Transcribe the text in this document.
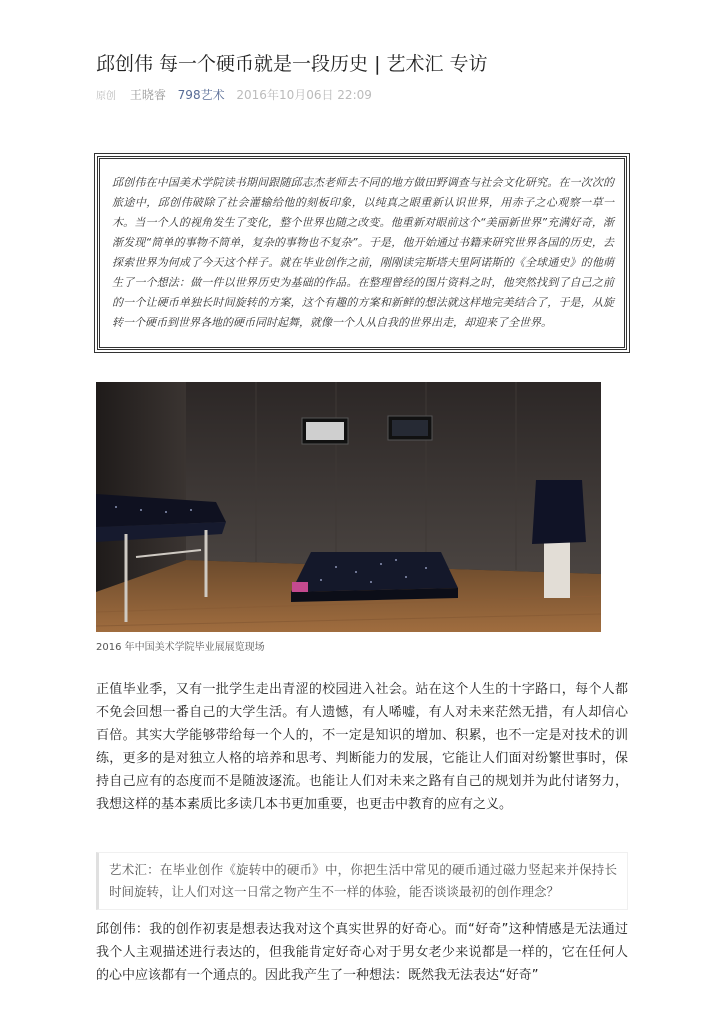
邱创伟 每一个硬币就是一段历史 | 艺术汇 专访
原创 王晓睿 798艺术 2016年10月06日 22:09

邱创伟在中国美术学院读书期间跟随邱志杰老师去不同的地方做田野调查与社会文化研究。在一次次的旅途中，邱创伟破除了社会灌输给他的刻板印象，以纯真之眼重新认识世界，用赤子之心观察一草一木。当一个人的视角发生了变化，整个世界也随之改变。他重新对眼前这个“美丽新世界”充满好奇，渐渐发现“简单的事物不简单，复杂的事物也不复杂”。于是，他开始通过书籍来研究世界各国的历史，去探索世界为何成了今天这个样子。就在毕业创作之前，刚刚读完斯塔夫里阿诺斯的《全球通史》的他萌生了一个想法：做一件以世界历史为基础的作品。在整理曾经的图片资料之时，他突然找到了自己之前的一个让硬币单独长时间旋转的方案，这个有趣的方案和新鲜的想法就这样地完美结合了，于是，从旋转一个硬币到世界各地的硬币同时起舞，就像一个人从自我的世界出走，却迎来了全世界。

2016 年中国美术学院毕业展展览现场

正值毕业季，又有一批学生走出青涩的校园进入社会。站在这个人生的十字路口，每个人都不免会回想一番自己的大学生活。有人遗憾，有人唏嘘，有人对未来茫然无措，有人却信心百倍。其实大学能够带给每一个人的，不一定是知识的增加、积累，也不一定是对技术的训练，更多的是对独立人格的培养和思考、判断能力的发展，它能让人们面对纷繁世事时，保持自己应有的态度而不是随波逐流。也能让人们对未来之路有自己的规划并为此付诸努力，我想这样的基本素质比多读几本书更加重要，也更击中教育的应有之义。

艺术汇：在毕业创作《旋转中的硬币》中，你把生活中常见的硬币通过磁力竖起来并保持长时间旋转，让人们对这一日常之物产生不一样的体验，能否谈谈最初的创作理念？

邱创伟：我的创作初衷是想表达我对这个真实世界的好奇心。而“好奇”这种情感是无法通过我个人主观描述进行表达的，但我能肯定好奇心对于男女老少来说都是一样的，它在任何人的心中应该都有一个通点的。因此我产生了一种想法：既然我无法表达“好奇”
